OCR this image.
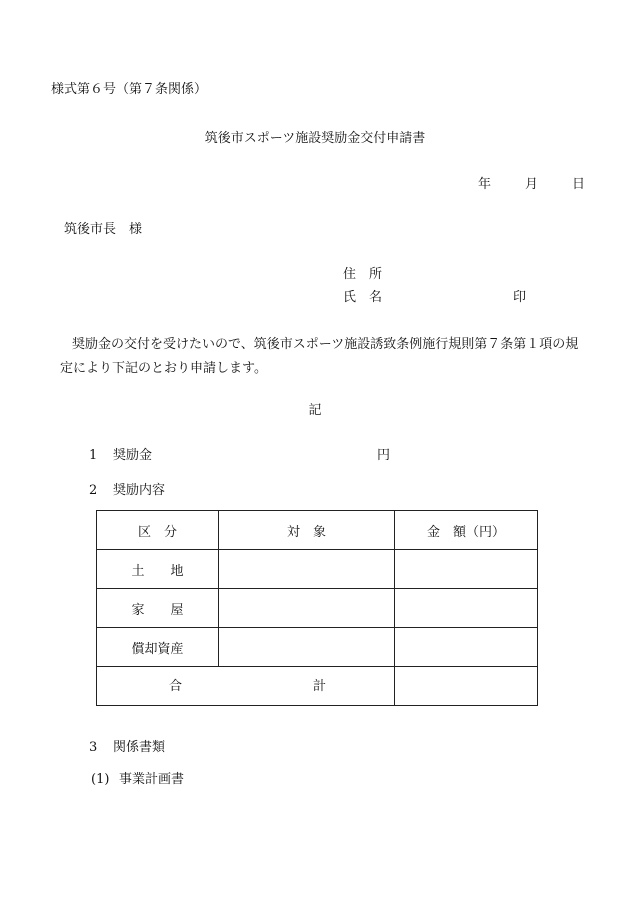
様式第６号（第７条関係）
筑後市スポーツ施設奨励金交付申請書
年	月	日
筑後市長　様
住　所
氏　名	印
奨励金の交付を受けたいので、筑後市スポーツ施設誘致条例施行規則第７条第１項の規定により下記のとおり申請します。
記
1 奨励金	円
2 奨励内容
区　分	対　象	金　額（円）
土　　地		
家　　屋		
償却資産		

合 計		

3 関係書類
(1) 事業計画書
